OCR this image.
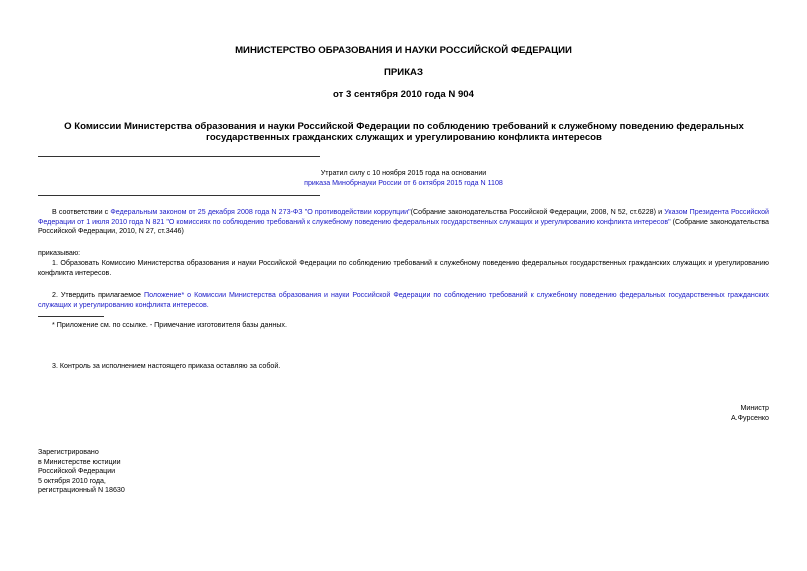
МИНИСТЕРСТВО ОБРАЗОВАНИЯ И НАУКИ РОССИЙСКОЙ ФЕДЕРАЦИИ
ПРИКАЗ
от 3 сентября 2010 года N 904
О Комиссии Министерства образования и науки Российской Федерации по соблюдению требований к служебному поведению федеральных государственных гражданских служащих и урегулированию конфликта интересов
Утратил силу с 10 ноября 2015 года на основании
приказа Минобрнауки России от 6 октября 2015 года N 1108
В соответствии с Федеральным законом от 25 декабря 2008 года N 273-ФЗ "О противодействии коррупции"(Собрание законодательства Российской Федерации, 2008, N 52, ст.6228) и Указом Президента Российской Федерации от 1 июля 2010 года N 821 "О комиссиях по соблюдению требований к служебному поведению федеральных государственных служащих и урегулированию конфликта интересов" (Собрание законодательства Российской Федерации, 2010, N 27, ст.3446)
приказываю:
1. Образовать Комиссию Министерства образования и науки Российской Федерации по соблюдению требований к служебному поведению федеральных государственных гражданских служащих и урегулированию конфликта интересов.
2. Утвердить прилагаемое Положение* о Комиссии Министерства образования и науки Российской Федерации по соблюдению требований к служебному поведению федеральных государственных гражданских служащих и урегулированию конфликта интересов.
* Приложение см. по ссылке. - Примечание изготовителя базы данных.
3. Контроль за исполнением настоящего приказа оставляю за собой.
Министр
А.Фурсенко
Зарегистрировано
в Министерстве юстиции
Российской Федерации
5 октября 2010 года,
регистрационный N 18630
